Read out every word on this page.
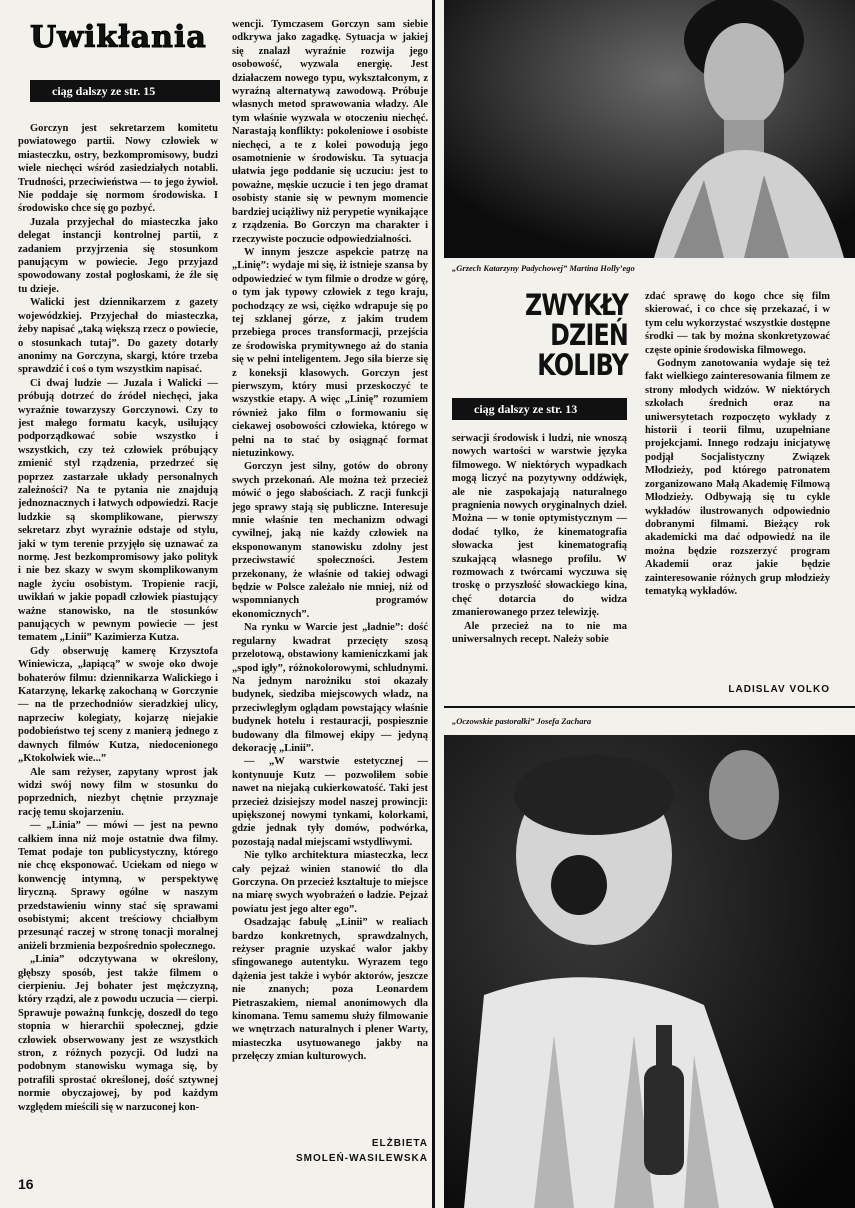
Uwikłania
ciąg dalszy ze str. 15

Gorczyn jest sekretarzem komitetu powiatowego partii. Nowy człowiek w miasteczku, ostry, bezkompromisowy, budzi wiele niechęci wśród zasiedziałych notabli. Trudności, przeciwieństwa — to jego żywioł. Nie poddaje się normom środowiska. I środowisko chce się go pozbyć.

Juzala przyjechał do miasteczka jako delegat instancji kontrolnej partii, z zadaniem przyjrzenia się stosunkom panującym w powiecie. Jego przyjazd spowodowany został pogłoskami, że źle się tu dzieje.

Walicki jest dziennikarzem z gazety wojewódzkiej. Przyjechał do miasteczka, żeby napisać „taką większą rzecz o powiecie, o stosunkach tutaj”. Do gazety dotarły anonimy na Gorczyna, skargi, które trzeba sprawdzić i coś o tym wszystkim napisać.

Ci dwaj ludzie — Juzala i Walicki — próbują dotrzeć do źródeł niechęci, jaka wyraźnie towarzyszy Gorczynowi. Czy to jest małego formatu kacyk, usiłujący podporządkować sobie wszystko i wszystkich, czy też człowiek próbujący zmienić styl rządzenia, przedrzeć się poprzez zastarzałe układy personalnych zależności? Na te pytania nie znajdują jednoznacznych i łatwych odpowiedzi. Racje ludzkie są skomplikowane, pierwszy sekretarz zbyt wyraźnie odstaje od stylu, jaki w tym terenie przyjęło się uznawać za normę. Jest bezkompromisowy jako polityk i nie bez skazy w swym skomplikowanym nagle życiu osobistym. Tropienie racji, uwikłań w jakie popadł człowiek piastujący ważne stanowisko, na tle stosunków panujących w pewnym powiecie — jest tematem „Linii” Kazimierza Kutza.

Gdy obserwuję kamerę Krzysztofa Winiewicza, „łapiącą” w swoje oko dwoje bohaterów filmu: dziennikarza Walickiego i Katarzynę, lekarkę zakochaną w Gorczynie — na tle przechodniów sieradzkiej ulicy, naprzeciw kolegiaty, kojarzę niejakie podobieństwo tej sceny z manierą jednego z dawnych filmów Kutza, niedocenionego „Ktokolwiek wie...”

Ale sam reżyser, zapytany wprost jak widzi swój nowy film w stosunku do poprzednich, niezbyt chętnie przyznaje rację temu skojarzeniu.

— „Linia” — mówi — jest na pewno całkiem inna niż moje ostatnie dwa filmy. Temat podaje ton publicystyczny, którego nie chcę eksponować. Uciekam od niego w konwencję intymną, w perspektywę liryczną. Sprawy ogólne w naszym przedstawieniu winny stać się sprawami osobistymi; akcent treściowy chciałbym przesunąć raczej w stronę tonacji moralnej aniżeli brzmienia bezpośrednio społecznego.

„Linia” odczytywana w określony, głębszy sposób, jest także filmem o cierpieniu. Jej bohater jest mężczyzną, który rządzi, ale z powodu uczucia — cierpi. Sprawuje poważną funkcję, doszedł do tego stopnia w hierarchii społecznej, gdzie człowiek obserwowany jest ze wszystkich stron, z różnych pozycji. Od ludzi na podobnym stanowisku wymaga się, by potrafili sprostać określonej, dość sztywnej normie obyczajowej, by pod każdym względem mieścili się w narzuconej kon-

wencji. Tymczasem Gorczyn sam siebie odkrywa jako zagadkę. Sytuacja w jakiej się znalazł wyraźnie rozwija jego osobowość, wyzwala energię. Jest działaczem nowego typu, wykształconym, z wyraźną alternatywą zawodową. Próbuje własnych metod sprawowania władzy. Ale tym właśnie wyzwala w otoczeniu niechęć. Narastają konflikty: pokoleniowe i osobiste niechęci, a te z kolei powodują jego osamotnienie w środowisku. Ta sytuacja ułatwia jego poddanie się uczuciu: jest to poważne, męskie uczucie i ten jego dramat osobisty stanie się w pewnym momencie bardziej uciążliwy niż perypetie wynikające z rządzenia. Bo Gorczyn ma charakter i rzeczywiste poczucie odpowiedzialności.

W innym jeszcze aspekcie patrzę na „Linię”: wydaje mi się, iż istnieje szansa by odpowiedzieć w tym filmie o drodze w górę, o tym jak typowy człowiek z tego kraju, pochodzący ze wsi, ciężko wdrapuje się po tej szklanej górze, z jakim trudem przebiega proces transformacji, przejścia ze środowiska prymitywnego aż do stania się w pełni inteligentem. Jego siła bierze się z koneksji klasowych. Gorczyn jest pierwszym, który musi przeskoczyć te wszystkie etapy. A więc „Linię” rozumiem również jako film o formowaniu się ciekawej osobowości człowieka, którego w pełni na to stać by osiągnąć format nietuzinkowy.

Gorczyn jest silny, gotów do obrony swych przekonań. Ale można też przecież mówić o jego słabościach. Z racji funkcji jego sprawy stają się publiczne. Interesuje mnie właśnie ten mechanizm odwagi cywilnej, jaką nie każdy człowiek na eksponowanym stanowisku zdolny jest przeciwstawić społeczności. Jestem przekonany, że właśnie od takiej odwagi będzie w Polsce zależało nie mniej, niż od wspomnianych programów ekonomicznych”.

Na rynku w Warcie jest „ładnie”: dość regularny kwadrat przecięty szosą przelotową, obstawiony kamieniczkami jak „spod igły”, różnokolorowymi, schludnymi. Na jednym narożniku stoi okazały budynek, siedziba miejscowych władz, na przeciwległym oglądam powstający właśnie budynek hotelu i restauracji, pospiesznie budowany dla filmowej ekipy — jedyną dekorację „Linii”.

— „W warstwie estetycznej — kontynuuje Kutz — pozwoliłem sobie nawet na niejaką cukierkowatość. Taki jest przecież dzisiejszy model naszej prowincji: upiększonej nowymi tynkami, kolorkami, gdzie jednak tyły domów, podwórka, pozostają nadal miejscami wstydliwymi.

Nie tylko architektura miasteczka, lecz cały pejzaż winien stanowić tło dla Gorczyna. On przecież kształtuje to miejsce na miarę swych wyobrażeń o ładzie. Pejzaż powiatu jest jego alter ego”.

Osadzając fabułę „Linii” w realiach bardzo konkretnych, sprawdzalnych, reżyser pragnie uzyskać walor jakby sfingowanego autentyku. Wyrazem tego dążenia jest także i wybór aktorów, jeszcze nie znanych; poza Leonardem Pietraszakiem, niemal anonimowych dla kinomana. Temu samemu służy filmowanie we wnętrzach naturalnych i plener Warty, miasteczka usytuowanego jakby na przełęczy zmian kulturowych.

ELŻBIETA
SMOLEŃ-WASILEWSKA
16
„Grzech Katarzyny Padychowej” Martina Holly’ego
ZWYKŁY
DZIEŃ
KOLIBY
ciąg dalszy ze str. 13

serwacji środowisk i ludzi, nie wnoszą nowych wartości w warstwie języka filmowego. W niektórych wypadkach mogą liczyć na pozytywny oddźwięk, ale nie zaspokajają naturalnego pragnienia nowych oryginalnych dzieł. Można — w tonie optymistycznym — dodać tylko, że kinematografia słowacka jest kinematografią szukającą własnego profilu. W rozmowach z twórcami wyczuwa się troskę o przyszłość słowackiego kina, chęć dotarcia do widza zmanierowanego przez telewizję.

Ale przecież na to nie ma uniwersalnych recept. Należy sobie

zdać sprawę do kogo chce się film skierować, i co chce się przekazać, i w tym celu wykorzystać wszystkie dostępne środki — tak by można skonkretyzować częste opinie środowiska filmowego.

Godnym zanotowania wydaje się też fakt wielkiego zainteresowania filmem ze strony młodych widzów. W niektórych szkołach średnich oraz na uniwersytetach rozpoczęto wykłady z historii i teorii filmu, uzupełniane projekcjami. Innego rodzaju inicjatywę podjął Socjalistyczny Związek Młodzieży, pod którego patronatem zorganizowano Małą Akademię Filmową Młodzieży. Odbywają się tu cykle wykładów ilustrowanych odpowiednio dobranymi filmami. Bieżący rok akademicki ma dać odpowiedź na ile można będzie rozszerzyć program Akademii oraz jakie będzie zainteresowanie różnych grup młodzieży tematyką wykładów.

LADISLAV VOLKO
„Oczowskie pastorałki” Josefa Zachara
